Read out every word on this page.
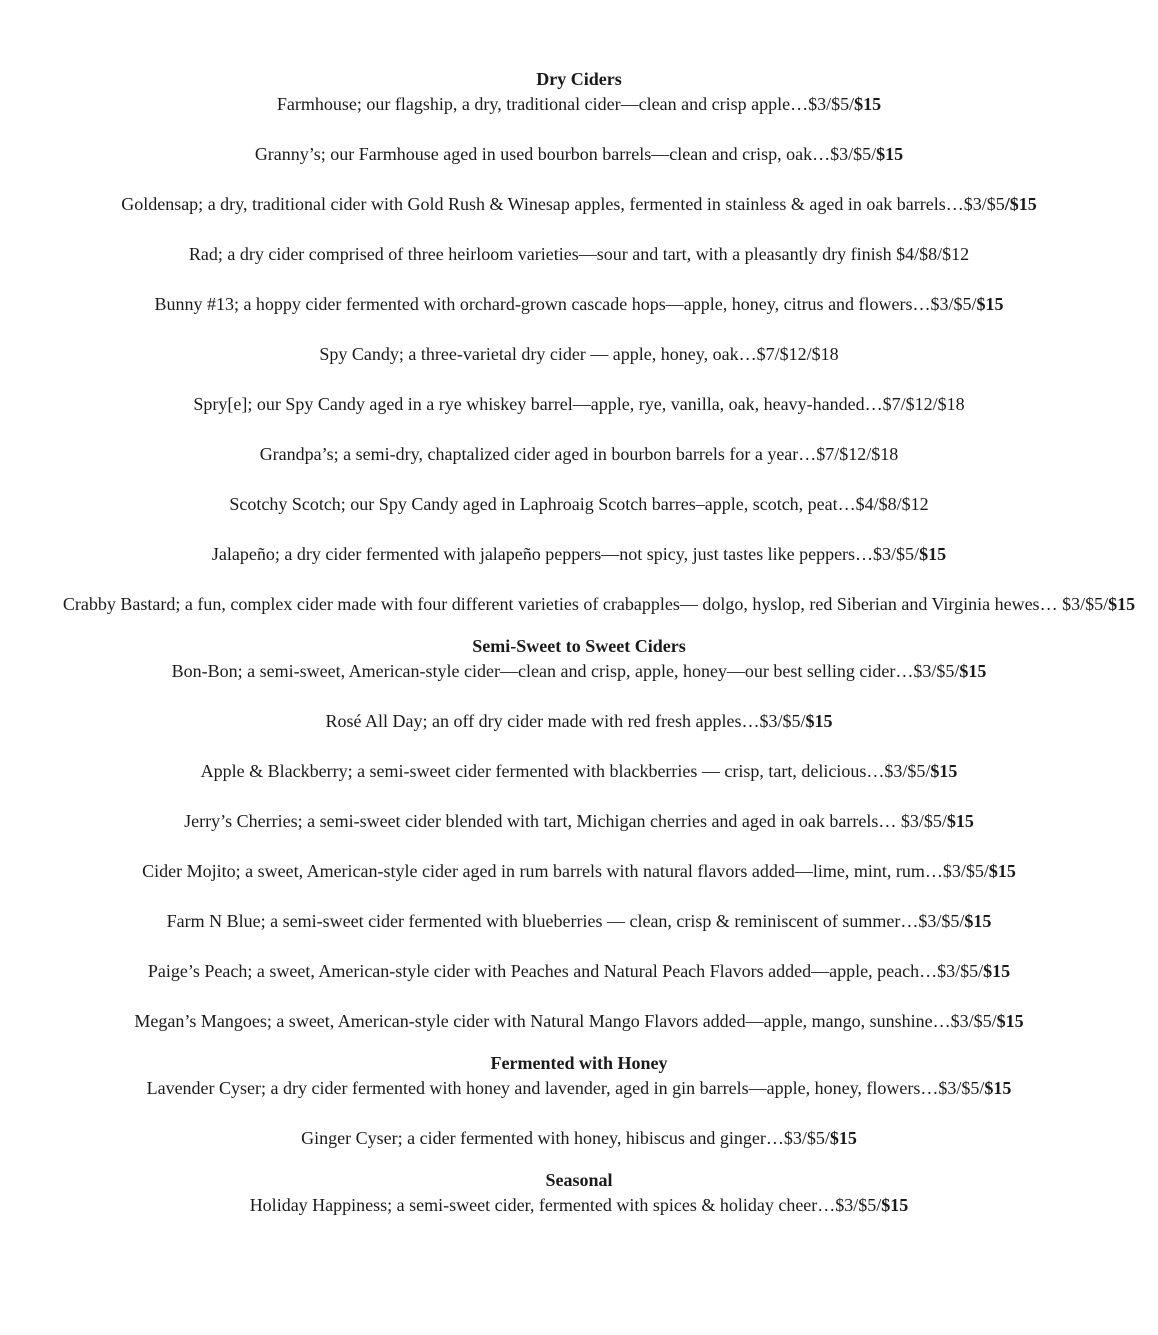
Dry Ciders
Farmhouse; our flagship, a dry, traditional cider—clean and crisp apple…$3/$5/$15
Granny’s; our Farmhouse aged in used bourbon barrels—clean and crisp, oak…$3/$5/$15
Goldensap; a dry, traditional cider with Gold Rush & Winesap apples, fermented in stainless & aged in oak barrels…$3/$5/$15
Rad; a dry cider comprised of three heirloom varieties—sour and tart, with a pleasantly dry finish $4/$8/$12
Bunny #13; a hoppy cider fermented with orchard-grown cascade hops—apple, honey, citrus and flowers…$3/$5/$15
Spy Candy; a three-varietal dry cider — apple, honey, oak…$7/$12/$18
Spry[e]; our Spy Candy aged in a rye whiskey barrel—apple, rye, vanilla, oak, heavy-handed…$7/$12/$18
Grandpa’s; a semi-dry, chaptalized cider aged in bourbon barrels for a year…$7/$12/$18
Scotchy Scotch; our Spy Candy aged in Laphroaig Scotch barres–apple, scotch, peat…$4/$8/$12
Jalapeño; a dry cider fermented with jalapeño peppers—not spicy, just tastes like peppers…$3/$5/$15
Crabby Bastard; a fun, complex cider made with four different varieties of crabapples— dolgo, hyslop, red Siberian and Virginia hewes… $3/$5/$15
Semi-Sweet to Sweet Ciders
Bon-Bon; a semi-sweet, American-style cider—clean and crisp, apple, honey—our best selling cider…$3/$5/$15
Rosé All Day; an off dry cider made with red fresh apples…$3/$5/$15
Apple & Blackberry; a semi-sweet cider fermented with blackberries — crisp, tart, delicious…$3/$5/$15
Jerry’s Cherries; a semi-sweet cider blended with tart, Michigan cherries and aged in oak barrels… $3/$5/$15
Cider Mojito; a sweet, American-style cider aged in rum barrels with natural flavors added—lime, mint, rum…$3/$5/$15
Farm N Blue; a semi-sweet cider fermented with blueberries — clean, crisp & reminiscent of summer…$3/$5/$15
Paige’s Peach; a sweet, American-style cider with Peaches and Natural Peach Flavors added—apple, peach…$3/$5/$15
Megan’s Mangoes; a sweet, American-style cider with Natural Mango Flavors added—apple, mango, sunshine…$3/$5/$15
Fermented with Honey
Lavender Cyser; a dry cider fermented with honey and lavender, aged in gin barrels—apple, honey, flowers…$3/$5/$15
Ginger Cyser; a cider fermented with honey, hibiscus and ginger…$3/$5/$15
Seasonal
Holiday Happiness; a semi-sweet cider, fermented with spices & holiday cheer…$3/$5/$15
